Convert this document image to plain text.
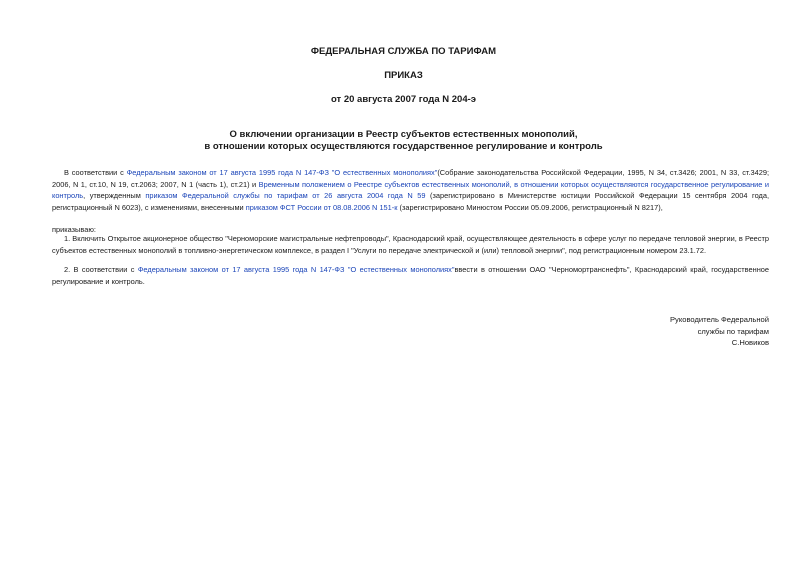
ФЕДЕРАЛЬНАЯ СЛУЖБА ПО ТАРИФАМ
ПРИКАЗ
от 20 августа 2007 года N 204-э
О включении организации в Реестр субъектов естественных монополий,
в отношении которых осуществляются государственное регулирование и контроль

В соответствии с Федеральным законом от 17 августа 1995 года N 147-ФЗ "О естественных монополиях"(Собрание законодательства Российской Федерации, 1995, N 34, ст.3426; 2001, N 33, ст.3429; 2006, N 1, ст.10, N 19, ст.2063; 2007, N 1 (часть 1), ст.21) и Временным положением о Реестре субъектов естественных монополий, в отношении которых осуществляются государственное регулирование и контроль, утвержденным приказом Федеральной службы по тарифам от 26 августа 2004 года N 59 (зарегистрировано в Министерстве юстиции Российской Федерации 15 сентября 2004 года, регистрационный N 6023), с изменениями, внесенными приказом ФСТ России от 08.08.2006 N 151-к (зарегистрировано Минюстом России 05.09.2006, регистрационный N 8217),

приказываю:

1. Включить Открытое акционерное общество "Черноморские магистральные нефтепроводы", Краснодарский край, осуществляющее деятельность в сфере услуг по передаче тепловой энергии, в Реестр субъектов естественных монополий в топливно-энергетическом комплексе, в раздел I "Услуги по передаче электрической и (или) тепловой энергии", под регистрационным номером 23.1.72.

2. В соответствии с Федеральным законом от 17 августа 1995 года N 147-ФЗ "О естественных монополиях"ввести в отношении ОАО "Черномортранснефть", Краснодарский край, государственное регулирование и контроль.

Руководитель Федеральной
службы по тарифам
С.Новиков
